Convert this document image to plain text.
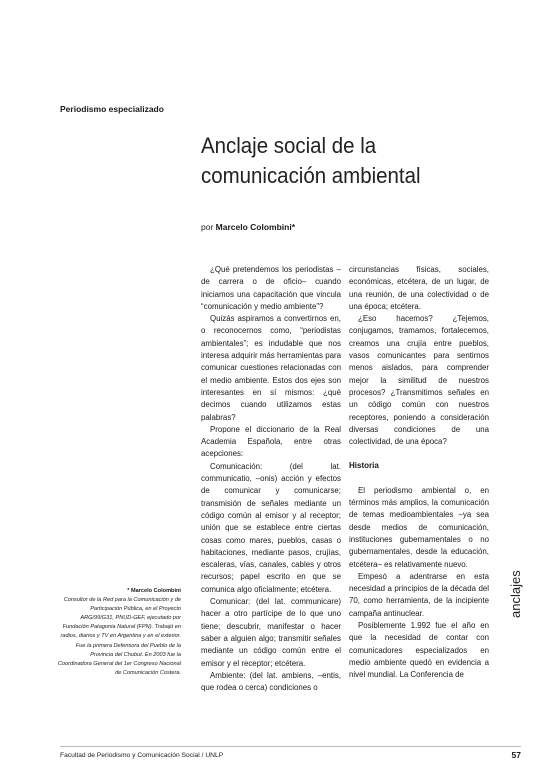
Periodismo especializado
Anclaje social de la
comunicación ambiental
por Marcelo Colombini*

¿Qué pretendemos los periodistas –de carrera o de oficio– cuando iniciamos una capacitación que vincula “comunicación y medio ambiente”?

Quizás aspiramos a convertirnos en, o reconocernos como, “periodistas ambientales”; es indudable que nos interesa adquirir más herramientas para comunicar cuestiones relacionadas con el medio ambiente. Estos dos ejes son interesantes en sí mismos: ¿qué decimos cuando utilizamos estas palabras?

Propone el diccionario de la Real Academia Española, entre otras acepciones:

Comunicación: (del lat. communicatio, –onis) acción y efectos de comunicar y comunicarse; transmisión de señales mediante un código común al emisor y al receptor; unión que se establece entre ciertas cosas como mares, pueblos, casas o habitaciones, mediante pasos, crujías, escaleras, vías, canales, cables y otros recursos; papel escrito en que se comunica algo oficialmente; etcétera.

Comunicar: (del lat. communicare) hacer a otro partícipe de lo que uno tiene; descubrir, manifestar o hacer saber a alguien algo; transmitir señales mediante un código común entre el emisor y el receptor; etcétera.

Ambiente: (del lat. ambiens, –entis, que rodea o cerca) condiciones o

circunstancias físicas, sociales, económicas, etcétera, de un lugar, de una reunión, de una colectividad o de una época; etcétera.

¿Eso hacemos? ¿Tejemos, conjugamos, tramamos, fortalecemos, creamos una crujía entre pueblos, vasos comunicantes para sentirnos menos aislados, para comprender mejor la similitud de nuestros procesos? ¿Transmitimos señales en un código común con nuestros receptores, poniendo a consideración diversas condiciones de una colectividad, de una época?

Historia

El periodismo ambiental o, en términos más amplios, la comunicación de temas medioambientales –ya sea desde medios de comunicación, instituciones gubernamentales o no gubernamentales, desde la educación, etcétera– es relativamente nuevo.

Empesó a adentrarse en esta necesidad a principios de la década del 70, como herramienta, de la incipiente campaña antinuclear.

Posiblemente 1.992 fue el año en que la necesidad de contar con comunicadores especializados en medio ambiente quedó en evidencia a nivel mundial. La Conferencia de

* Marcelo Colombini
Consultor de la Red para la Comunicación y de Participación Pública, en el Proyecto ARG/99/G31, PNUD-GEF, ejecutado por Fundación Patagonia Natural (FPN). Trabajó en radios, diarios y TV en Argentina y en el exterior. Fue la primera Defensora del Pueblo de la Provincia del Chubut. En 2003 fue la Coordinadora General del 1er Congreso Nacional de Comunicación Costera.
anclajes
Facultad de Periodismo y Comunicación Social / UNLP	57
